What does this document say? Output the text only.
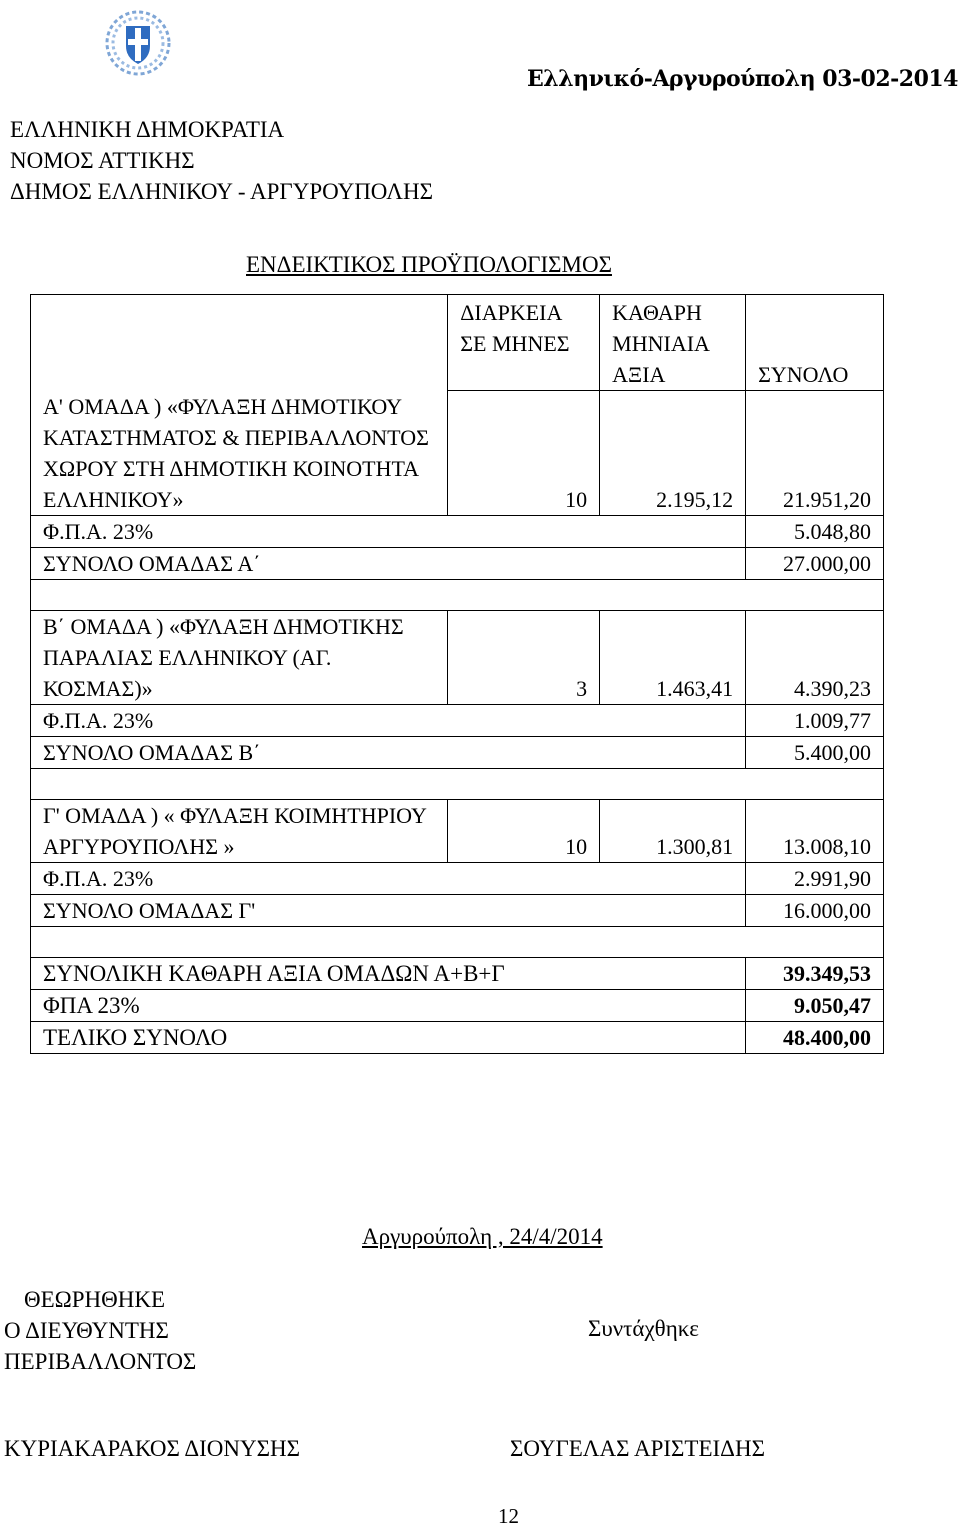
Ελληνικό-Αργυρούπολη 03-02-2014
ΕΛΛΗΝΙΚΗ ΔΗΜΟΚΡΑΤΙΑ
ΝΟΜΟΣ ΑΤΤΙΚΗΣ
ΔΗΜΟΣ ΕΛΛΗΝΙΚΟΥ - ΑΡΓΥΡΟΥΠΟΛΗΣ
ΕΝΔΕΙΚΤΙΚΟΣ ΠΡΟΫΠΟΛΟΓΙΣΜΟΣ
	ΔΙΑΡΚΕΙΑ ΣΕ ΜΗΝΕΣ	ΚΑΘΑΡΗ ΜΗΝΙΑΙΑ ΑΞΙΑ	ΣΥΝΟΛΟ
Α' ΟΜΑΔΑ ) «ΦΥΛΑΞΗ ΔΗΜΟΤΙΚΟΥ ΚΑΤΑΣΤΗΜΑΤΟΣ & ΠΕΡΙΒΑΛΛΟΝΤΟΣ ΧΩΡΟΥ ΣΤΗ ΔΗΜΟΤΙΚΗ ΚΟΙΝΟΤΗΤΑ ΕΛΛΗΝΙΚΟΥ»	10	2.195,12	21.951,20
Φ.Π.Α. 23%			5.048,80
ΣΥΝΟΛΟ ΟΜΑΔΑΣ Α΄			27.000,00

Β΄ ΟΜΑΔΑ ) «ΦΥΛΑΞΗ ΔΗΜΟΤΙΚΗΣ ΠΑΡΑΛΙΑΣ ΕΛΛΗΝΙΚΟΥ (ΑΓ. ΚΟΣΜΑΣ)»	3	1.463,41	4.390,23
Φ.Π.Α. 23%			1.009,77
ΣΥΝΟΛΟ ΟΜΑΔΑΣ Β΄			5.400,00

Γ' ΟΜΑΔΑ ) « ΦΥΛΑΞΗ ΚΟΙΜΗΤΗΡΙΟΥ ΑΡΓΥΡΟΥΠΟΛΗΣ »	10	1.300,81	13.008,10
Φ.Π.Α. 23%			2.991,90
ΣΥΝΟΛΟ ΟΜΑΔΑΣ Γ'			16.000,00

ΣΥΝΟΛΙΚΗ ΚΑΘΑΡΗ ΑΞΙΑ ΟΜΑΔΩΝ Α+Β+Γ			39.349,53
ΦΠΑ 23%			9.050,47
ΤΕΛΙΚΟ ΣΥΝΟΛΟ			48.400,00
Αργυρούπολη , 24/4/2014
ΘΕΩΡΗΘΗΚΕ
Ο ΔΙΕΥΘΥΝΤΗΣ
ΠΕΡΙΒΑΛΛΟΝΤΟΣ
Συντάχθηκε
ΚΥΡΙΑΚΑΡΑΚΟΣ ΔΙΟΝΥΣΗΣ	ΣΟΥΓΕΛΑΣ ΑΡΙΣΤΕΙΔΗΣ
12
